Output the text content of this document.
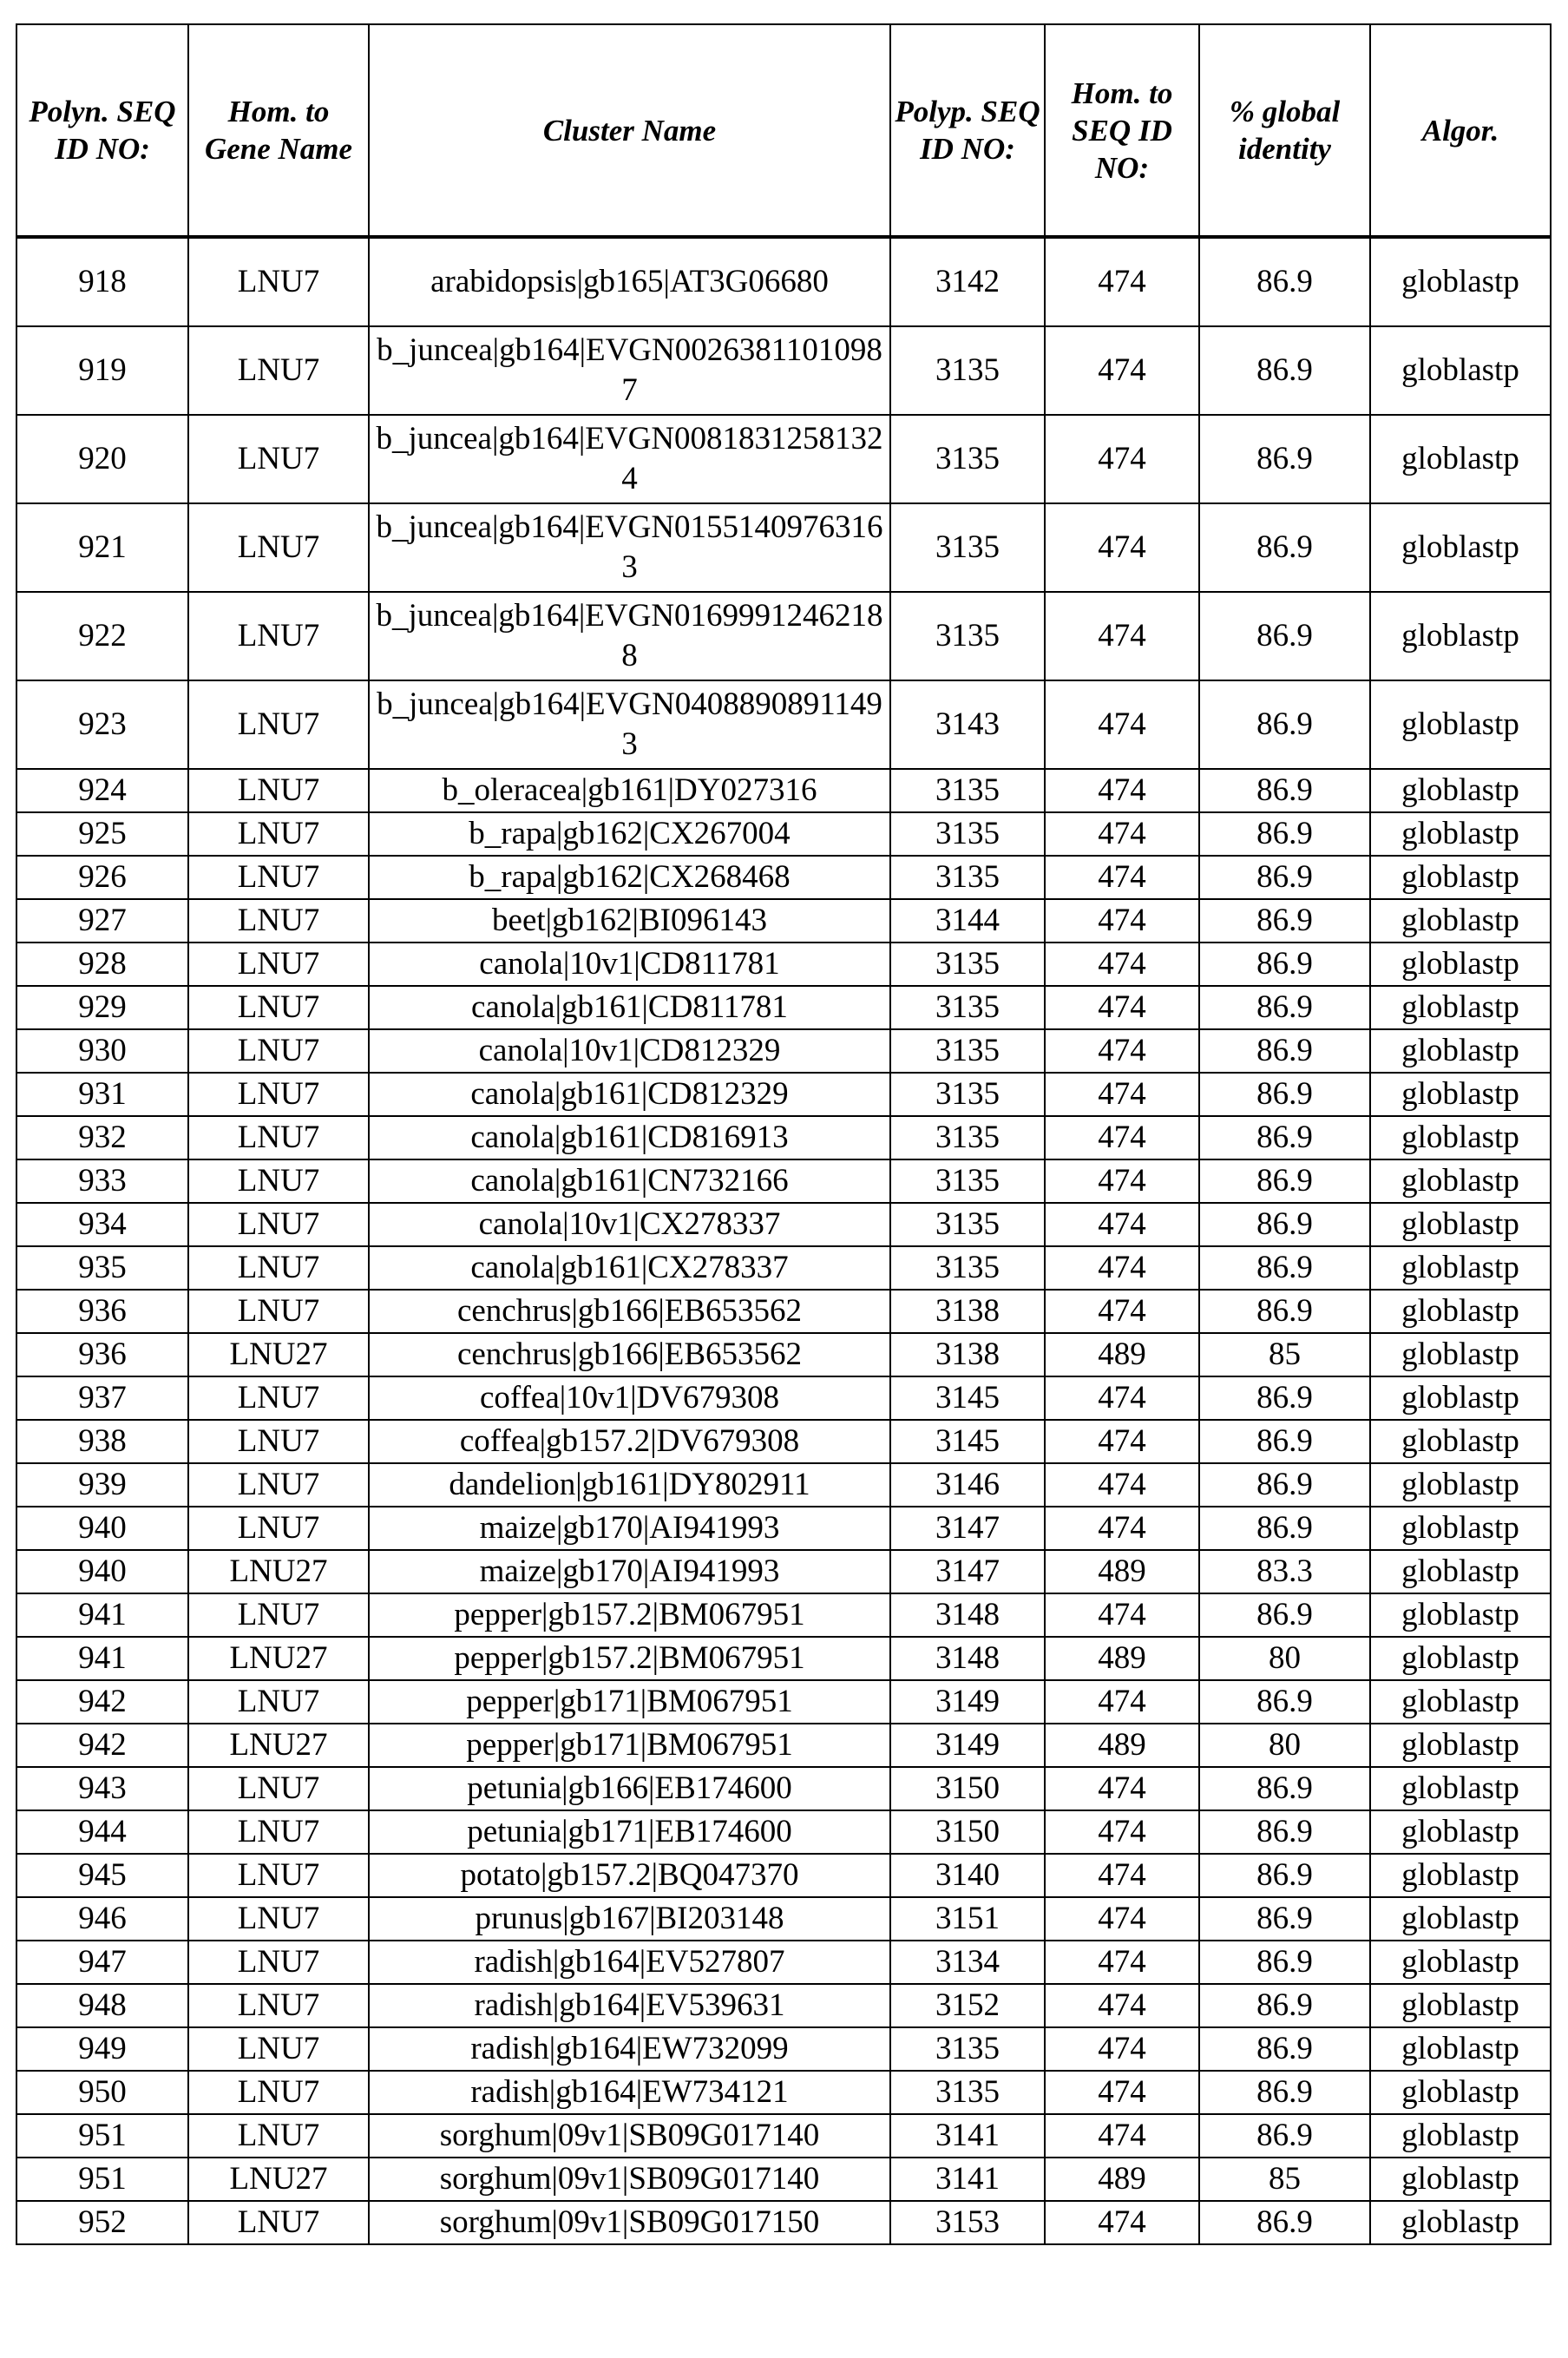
Polyn. SEQ ID NO:	Hom. to Gene Name	Cluster Name	Polyp. SEQ ID NO:	Hom. to SEQ ID NO:	% global identity	Algor.
918	LNU7	arabidopsis|gb165|AT3G06680	3142	474	86.9	globlastp
919	LNU7	b_juncea|gb164|EVGN00263811010987	3135	474	86.9	globlastp
920	LNU7	b_juncea|gb164|EVGN00818312581324	3135	474	86.9	globlastp
921	LNU7	b_juncea|gb164|EVGN01551409763163	3135	474	86.9	globlastp
922	LNU7	b_juncea|gb164|EVGN01699912462188	3135	474	86.9	globlastp
923	LNU7	b_juncea|gb164|EVGN04088908911493	3143	474	86.9	globlastp
924	LNU7	b_oleracea|gb161|DY027316	3135	474	86.9	globlastp
925	LNU7	b_rapa|gb162|CX267004	3135	474	86.9	globlastp
926	LNU7	b_rapa|gb162|CX268468	3135	474	86.9	globlastp
927	LNU7	beet|gb162|BI096143	3144	474	86.9	globlastp
928	LNU7	canola|10v1|CD811781	3135	474	86.9	globlastp
929	LNU7	canola|gb161|CD811781	3135	474	86.9	globlastp
930	LNU7	canola|10v1|CD812329	3135	474	86.9	globlastp
931	LNU7	canola|gb161|CD812329	3135	474	86.9	globlastp
932	LNU7	canola|gb161|CD816913	3135	474	86.9	globlastp
933	LNU7	canola|gb161|CN732166	3135	474	86.9	globlastp
934	LNU7	canola|10v1|CX278337	3135	474	86.9	globlastp
935	LNU7	canola|gb161|CX278337	3135	474	86.9	globlastp
936	LNU7	cenchrus|gb166|EB653562	3138	474	86.9	globlastp
936	LNU27	cenchrus|gb166|EB653562	3138	489	85	globlastp
937	LNU7	coffea|10v1|DV679308	3145	474	86.9	globlastp
938	LNU7	coffea|gb157.2|DV679308	3145	474	86.9	globlastp
939	LNU7	dandelion|gb161|DY802911	3146	474	86.9	globlastp
940	LNU7	maize|gb170|AI941993	3147	474	86.9	globlastp
940	LNU27	maize|gb170|AI941993	3147	489	83.3	globlastp
941	LNU7	pepper|gb157.2|BM067951	3148	474	86.9	globlastp
941	LNU27	pepper|gb157.2|BM067951	3148	489	80	globlastp
942	LNU7	pepper|gb171|BM067951	3149	474	86.9	globlastp
942	LNU27	pepper|gb171|BM067951	3149	489	80	globlastp
943	LNU7	petunia|gb166|EB174600	3150	474	86.9	globlastp
944	LNU7	petunia|gb171|EB174600	3150	474	86.9	globlastp
945	LNU7	potato|gb157.2|BQ047370	3140	474	86.9	globlastp
946	LNU7	prunus|gb167|BI203148	3151	474	86.9	globlastp
947	LNU7	radish|gb164|EV527807	3134	474	86.9	globlastp
948	LNU7	radish|gb164|EV539631	3152	474	86.9	globlastp
949	LNU7	radish|gb164|EW732099	3135	474	86.9	globlastp
950	LNU7	radish|gb164|EW734121	3135	474	86.9	globlastp
951	LNU7	sorghum|09v1|SB09G017140	3141	474	86.9	globlastp
951	LNU27	sorghum|09v1|SB09G017140	3141	489	85	globlastp
952	LNU7	sorghum|09v1|SB09G017150	3153	474	86.9	globlastp
